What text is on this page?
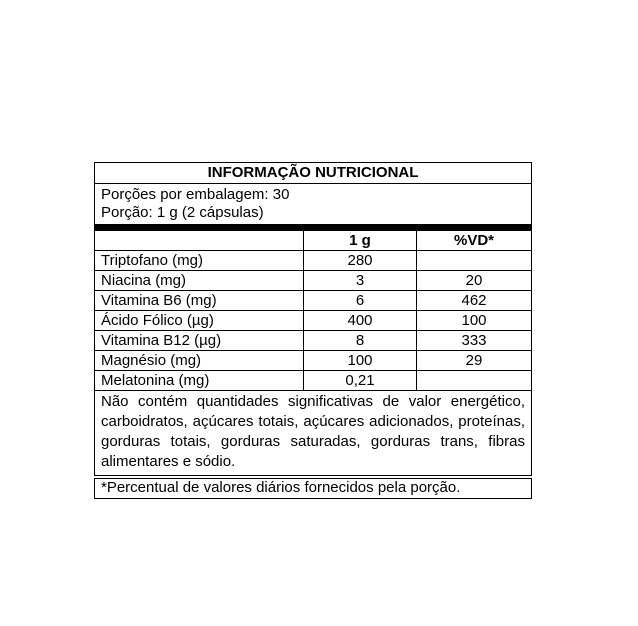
INFORMAÇÃO NUTRICIONAL
Porções por embalagem: 30
Porção: 1 g (2 cápsulas)
	1 g	%VD*
Triptofano (mg)	280	
Niacina (mg)	3	20
Vitamina B6 (mg)	6	462
Ácido Fólico (µg)	400	100
Vitamina B12 (µg)	8	333
Magnésio (mg)	100	29
Melatonina (mg)	0,21	
Não contém quantidades significativas de valor energético, carboidratos, açúcares totais, açúcares adicionados, proteínas, gorduras totais, gorduras saturadas, gorduras trans, fibras alimentares e sódio.
*Percentual de valores diários fornecidos pela porção.
